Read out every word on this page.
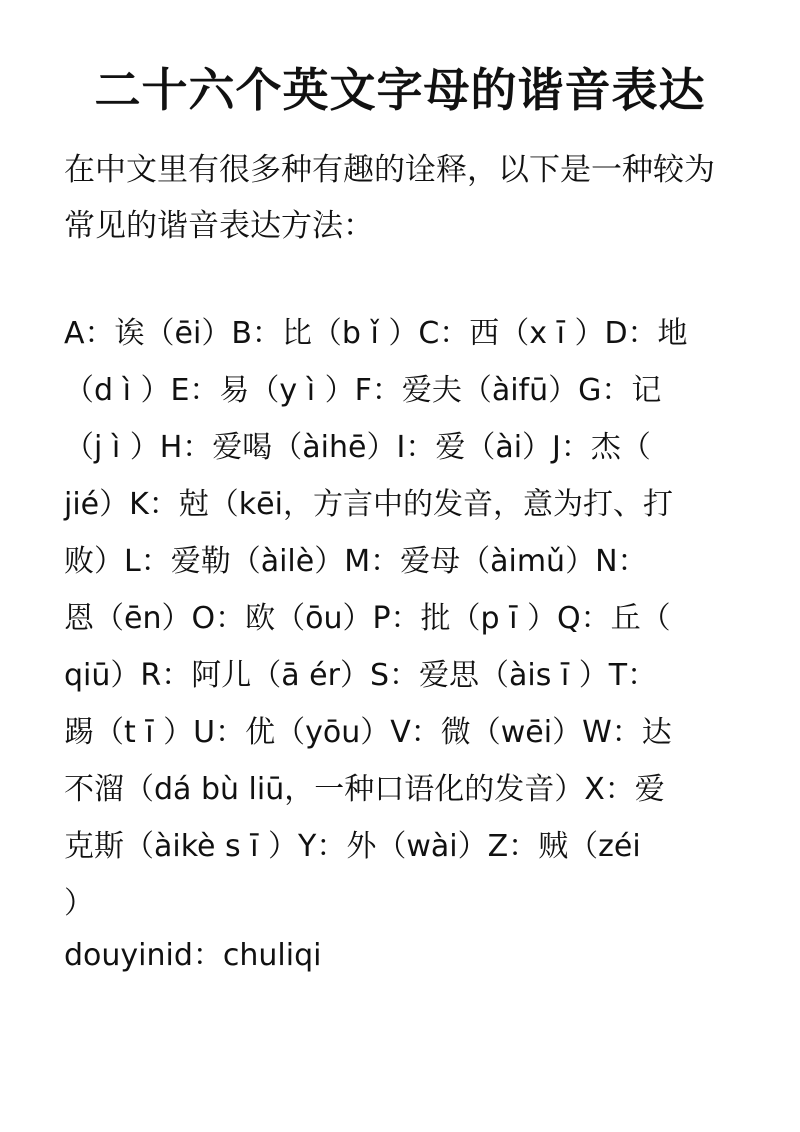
二十六个英文字母的谐音表达
在中文里有很多种有趣的诠释，以下是一种较为
常见的谐音表达方法：
A：诶（ēi）B：比（b ǐ ）C：西（x ī ）D：地
（d ì ）E：易（y ì ）F：爱夫（àifū）G：记
（j ì ）H：爱喝（àihē）I：爱（ài）J：杰（
jié）K：尅（kēi，方言中的发音，意为打、打
败）L：爱勒（àilè）M：爱母（àimǔ）N：
恩（ēn）O：欧（ōu）P：批（p ī ）Q：丘（
qiū）R：阿儿（ā ér）S：爱思（àis ī ）T：
踢（t ī ）U：优（yōu）V：微（wēi）W：达
不溜（dá bù liū，一种口语化的发音）X：爱
克斯（àikè s ī ）Y：外（wài）Z：贼（zéi
）
douyinid：chuliqi
